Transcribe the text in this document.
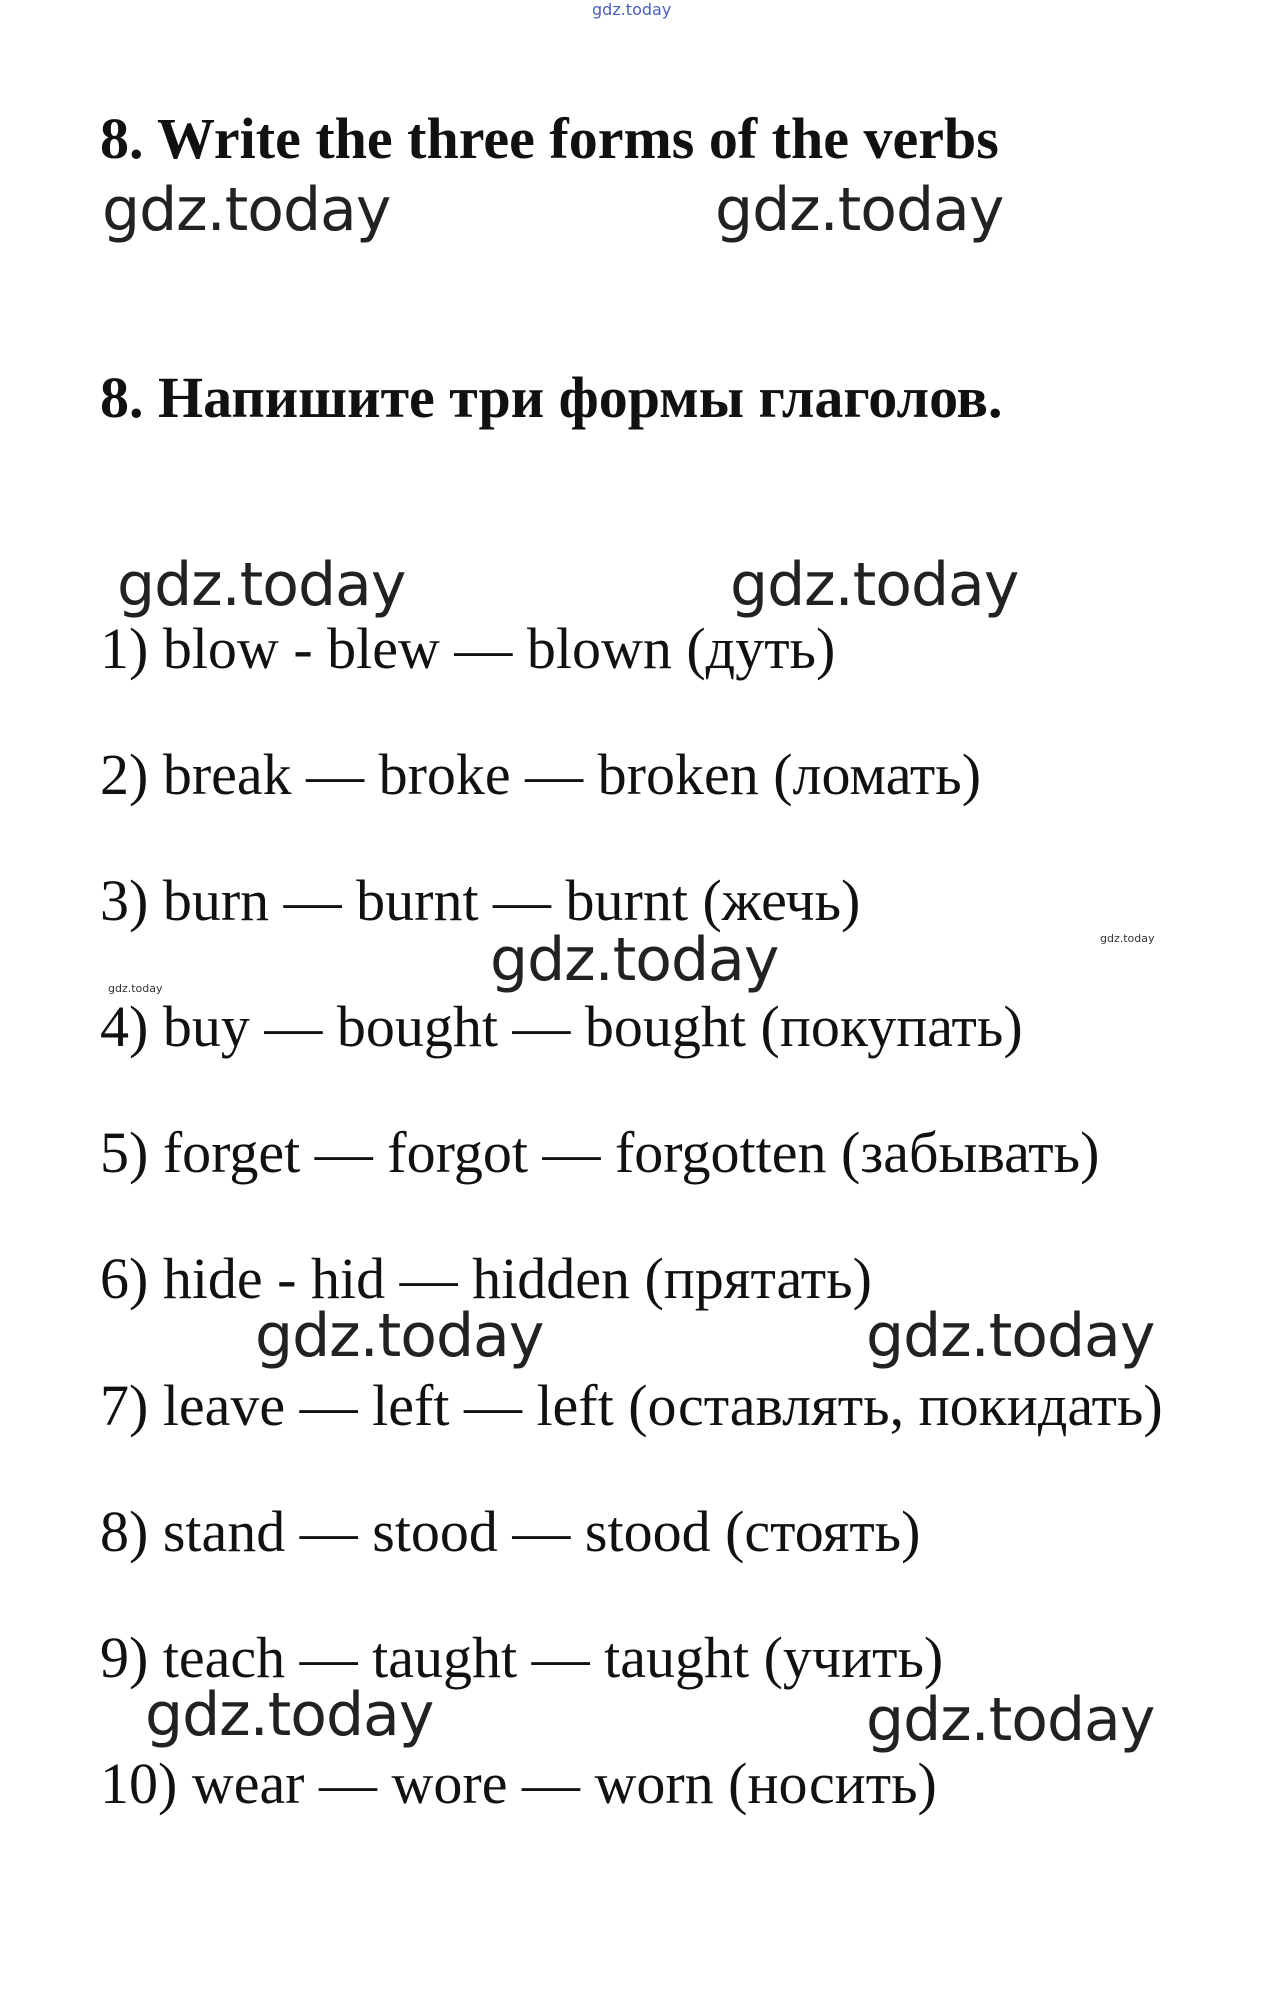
gdz.today
8. Write the three forms of the verbs
gdz.today	gdz.today
8. Напишите три формы глаголов.
gdz.today	gdz.today
1) blow - blew — blown (дуть)
2) break — broke — broken (ломать)
3) burn — burnt — burnt (жечь)
gdz.today	gdz.today
gdz.today
4) buy — bought — bought (покупать)
5) forget — forgot — forgotten (забывать)
6) hide - hid — hidden (прятать)
gdz.today	gdz.today
7) leave — left — left (оставлять, покидать)
8) stand — stood — stood (стоять)
9) teach — taught — taught (учить)
gdz.today	gdz.today
10) wear — wore — worn (носить)
